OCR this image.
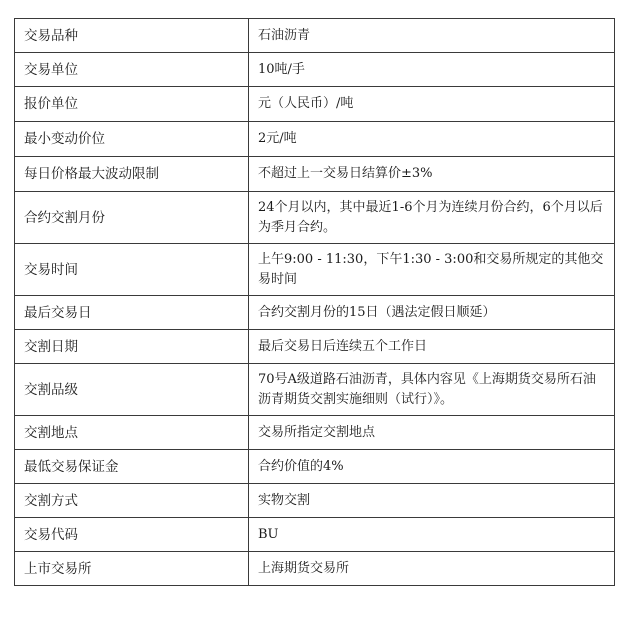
交易品种	石油沥青
交易单位	10吨/手
报价单位	元（人民币）/吨
最小变动价位	2元/吨
每日价格最大波动限制	不超过上一交易日结算价±3%
合约交割月份	24个月以内，其中最近1-6个月为连续月份合约，6个月以后为季月合约。
交易时间	上午9:00 - 11:30，下午1:30 - 3:00和交易所规定的其他交易时间
最后交易日	合约交割月份的15日（遇法定假日顺延）
交割日期	最后交易日后连续五个工作日
交割品级	70号A级道路石油沥青，具体内容见《上海期货交易所石油沥青期货交割实施细则（试行）》。
交割地点	交易所指定交割地点
最低交易保证金	合约价值的4%
交割方式	实物交割
交易代码	BU
上市交易所	上海期货交易所
